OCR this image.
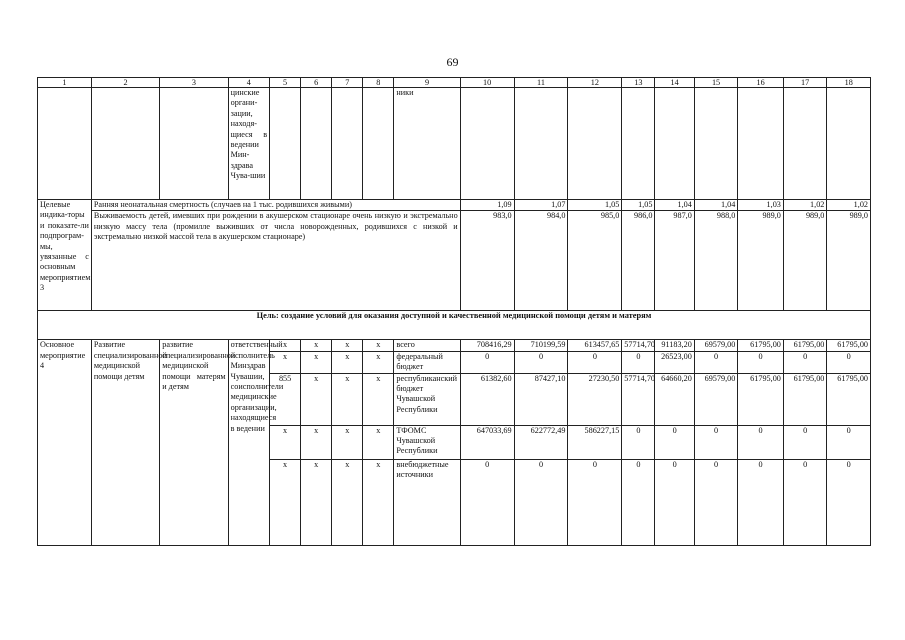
69
1	2	3	4	5	6	7	8	9	10	11	12	13	14	15	16	17	18
			цинские органи-зации, находя-щиеся в ведении Мин-здрава Чува-шии					ники									
Целевые индика-торы и показате-ли подпрограм-мы, увязанные с основным мероприятием 3	Ранняя неонатальная смертность (случаев на 1 тыс. родившихся живыми)								1,09	1,07	1,05	1,05	1,04	1,04	1,03	1,02	1,02
	Выживаемость детей, имевших при рождении в акушерском стационаре очень низкую и экстремально низкую массу тела (промилле выживших от числа новорожденных, родившихся с низкой и экстремально низкой массой тела в акушерском стационаре)								983,0	984,0	985,0	986,0	987,0	988,0	989,0	989,0	989,0
Цель: создание условий для оказания доступной и качественной медицинской помощи детям и матерям																	
Основное мероприятие 4	Развитие специализированной медицинской помощи детям	развитие специализированной медицинской помощи матерям и детям	ответственный исполнитель Минздрав Чувашии, соисполнители медицинские организации, находящиеся в ведении	x	x	x	x	всего	708416,29	710199,59	613457,65	57714,70	91183,20	69579,00	61795,00	61795,00	61795,00
				x	x	x	x	федеральный бюджет	0	0	0	0	26523,00	0	0	0	0
				855	x	x	x	республиканский бюджет Чувашской Республики	61382,60	87427,10	27230,50	57714,70	64660,20	69579,00	61795,00	61795,00	61795,00
				x	x	x	x	ТФОМС Чувашской Республики	647033,69	622772,49	586227,15	0	0	0	0	0	0
				x	x	x	x	внебюджетные источники	0	0	0	0	0	0	0	0	0
